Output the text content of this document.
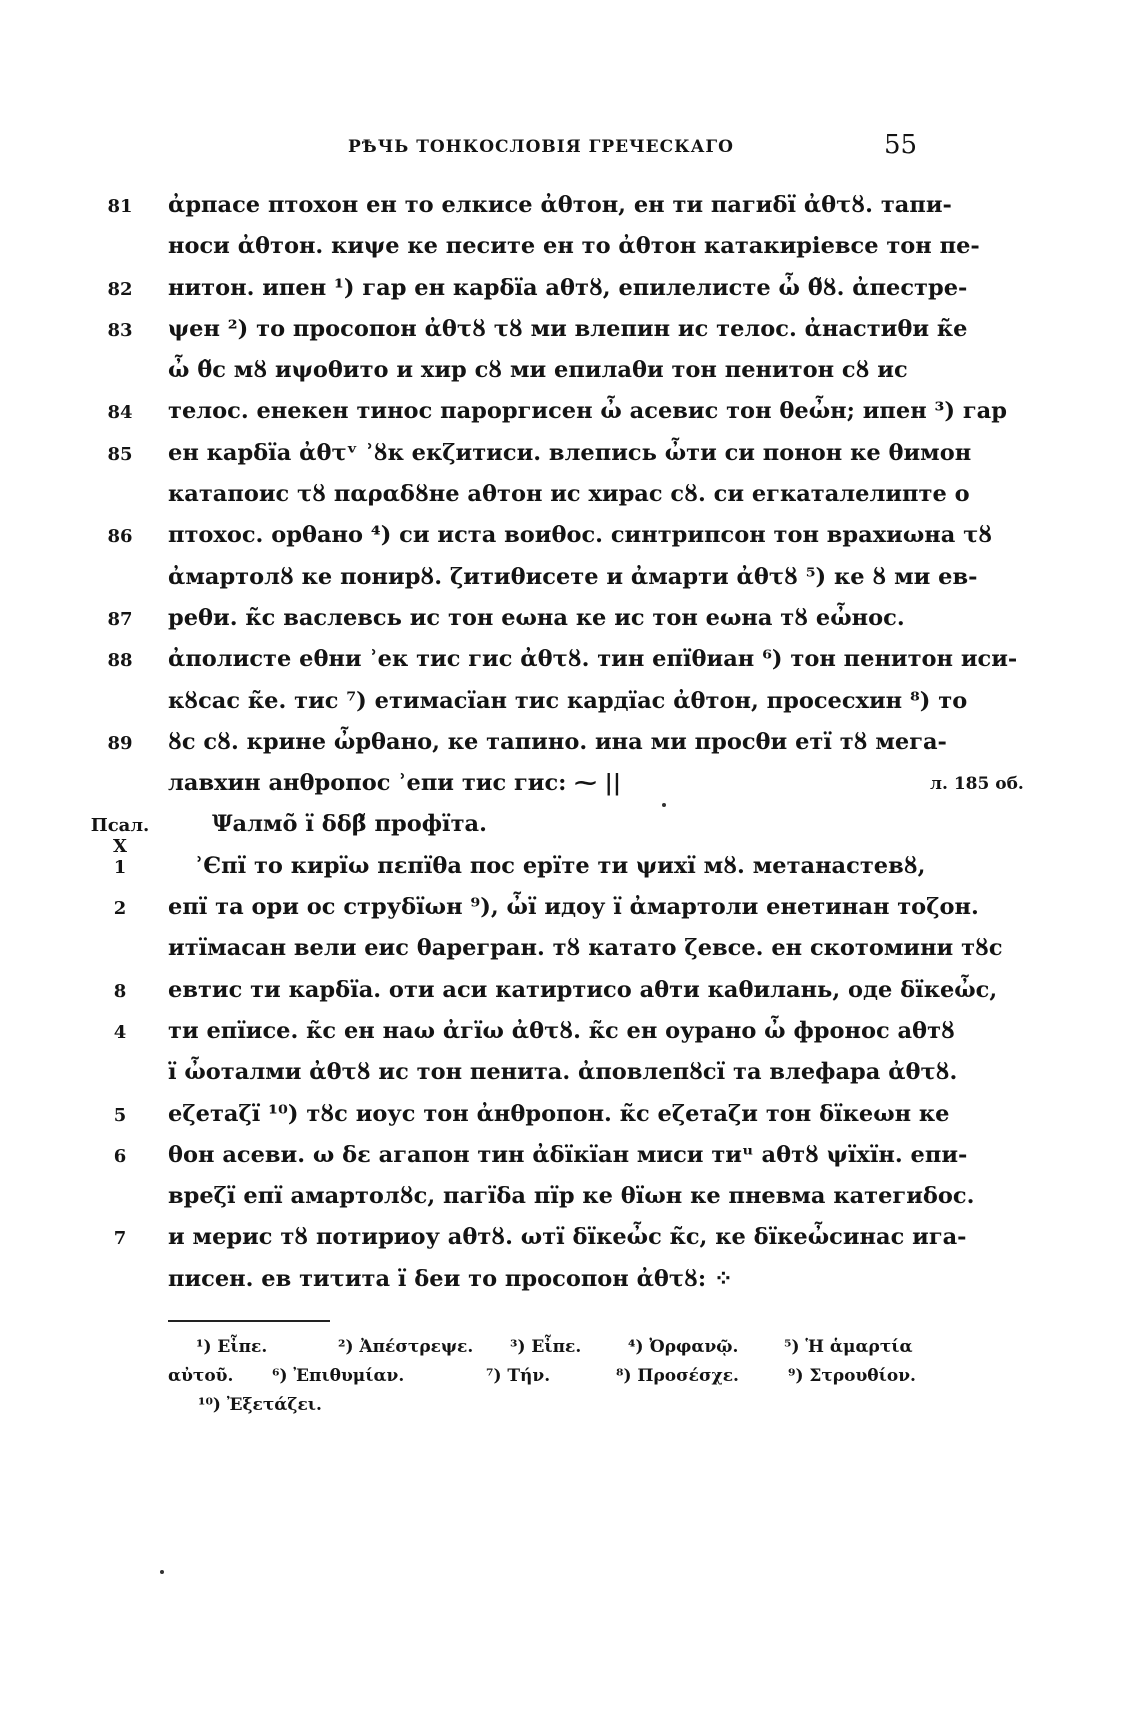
РѢЧЬ ТОНКОСЛОВІЯ ГРЕЧЕСКАГО	55
81	ἀрпасе птохон ен то елкисе ἀθтон, ен ти пагиδї ἀθτȣ. тапи-
носи ἀθтон. киψе ке песите ен то ἀθтон катакиріевсе тон пе-
82	нитон. ипен ¹) гар ен карδїа аθтȣ, епилелисте ὦ θ̃ȣ. ἀпестре-
83	ψен ²) то просопон ἀθτȣ τȣ ми влепин ис телос. ἀнастиθи к̃е
ὦ θ̃с мȣ иψоθито и хир сȣ ми епилаθи тон пенитон сȣ ис
84	телос. енекен тинос пароргисен ὦ асевис тон θеὦн; ипен ³) гар
85	ен карδїа ἀθτᵛ ʾȣк екζитиси. влепись ὦти си понон ке θимон
катапоис τȣ παραδȣне аθтон ис хирас сȣ. си егкаталелипте о
86	птохос. орθано ⁴) си иста воиθос. синтрипсон тон врахиωна τȣ
ἀмартолȣ ке понирȣ. ζитиθисете и ἀмарти ἀθτȣ ⁵) ке ȣ ми ев-
87	реθи. к̃с васлевсь ис тон еωна ке ис тон еωна тȣ еὦнос.
88	ἀполисте еθни ʾек тис гис ἀθτȣ. тин епїθиан ⁶) тон пенитон иси-
кȣсас к̃е. тис ⁷) етимасїан тис кардїас ἀθтон, просесхин ⁸) то
89	ȣс сȣ. крине ὦрθано, ке тапино. ина ми просθи етї тȣ мега-
лавхин анθропос ʾепи тис гис: ⁓ ||	л. 185 об.
Псал. X
Ψалмо̃ ї δδβ̃ профїта.
1	ʾЄπї то кирїω πεπїθа πос ерїте ти ψихї мȣ. метанастевȣ,
2	епї та ори ос струδїωн ⁹), ὦї идоу ї ἀмартоли енетинан тоζон.
итїмасан вели еис θарегран. тȣ катато ζевсе. ен скотомини тȣс
8	евтис ти карδїа. оти аси катиртисо аθти каθилань, оде δїкеὦс,
4	ти епїисе. к̃с ен наω ἀгїω ἀθτȣ. к̃с ен оурано ὦ фронос аθтȣ
ї ὦоталми ἀθτȣ ис тон пенита. ἀповлепȣсї та влефара ἀθτȣ.
5	еζетаζї ¹⁰) тȣс иоус тон ἀнθропон. к̃с еζетаζи тон δїкеωн ке
6	θон асеви. ω δε агапон тин ἀδїкїан миси тиᵘ аθтȣ ψїхїн. епи-
вреζї епї амартолȣс, пагїδа πїр ке θїωн ке пневма категиδос.
7	и мерис тȣ потириоу аθтȣ. ωтї δїкеὦс к̃с, ке δїкеὦсинас ига-
писен. ев тиτита ї δеи то просопон ἀθτȣ: ⁘
¹) Εἶπε.	²) Ἀπέστρεψε. ³) Εἶπε.	⁴) Ὀρφανῷ.	⁵) Ἡ ἁμαρτία
αὐτοῦ. ⁶) Ἐπιθυμίαν.	⁷) Τήν.	⁸) Προσέσχε.	⁹) Στρουθίον.
¹⁰) Ἐξετάζει.
